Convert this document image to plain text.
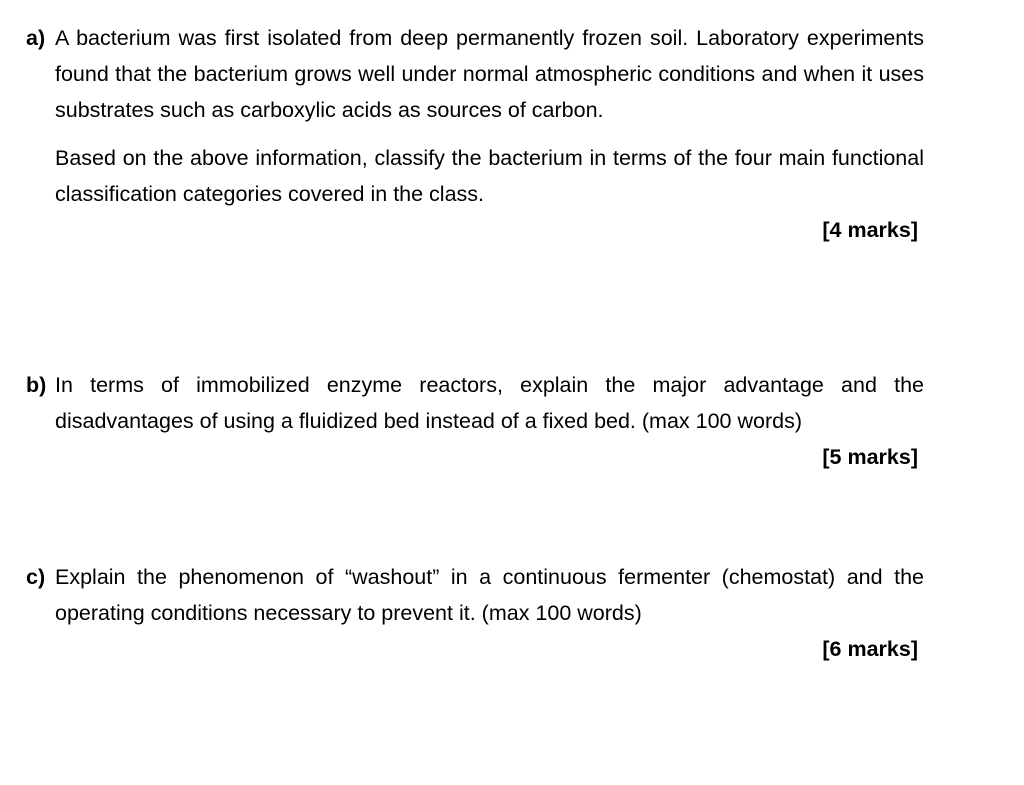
a) A bacterium was first isolated from deep permanently frozen soil. Laboratory experiments found that the bacterium grows well under normal atmospheric conditions and when it uses substrates such as carboxylic acids as sources of carbon.
Based on the above information, classify the bacterium in terms of the four main functional classification categories covered in the class.
[4 marks]
b) In terms of immobilized enzyme reactors, explain the major advantage and the disadvantages of using a fluidized bed instead of a fixed bed. (max 100 words)
[5 marks]
c) Explain the phenomenon of “washout” in a continuous fermenter (chemostat) and the operating conditions necessary to prevent it. (max 100 words)
[6 marks]
